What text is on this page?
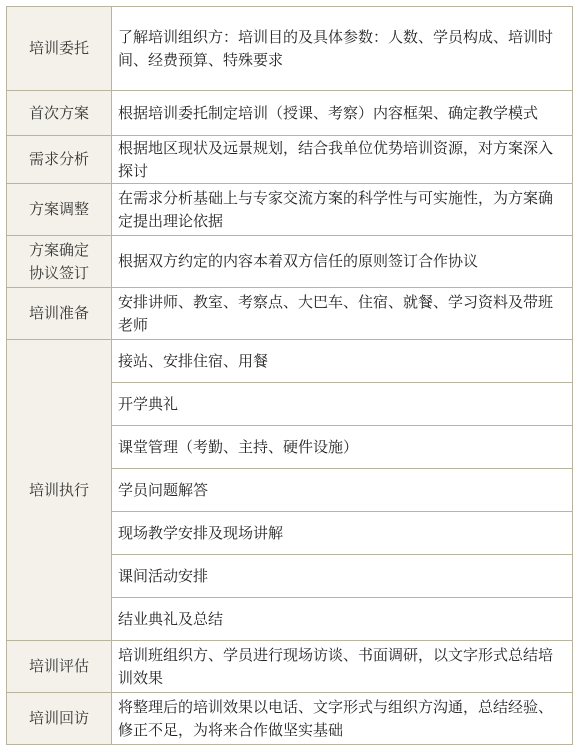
培训委托	了解培训组织方：培训目的及具体参数：人数、学员构成、培训时间、经费预算、特殊要求
首次方案	根据培训委托制定培训（授课、考察）内容框架、确定教学模式
需求分析	根据地区现状及远景规划，结合我单位优势培训资源，对方案深入探讨
方案调整	在需求分析基础上与专家交流方案的科学性与可实施性，为方案确定提出理论依据

方案确定
协议签订	根据双方约定的内容本着双方信任的原则签订合作协议
培训准备	安排讲师、教室、考察点、大巴车、住宿、就餐、学习资料及带班老师
培训执行	接站、安排住宿、用餐
	开学典礼
	课堂管理（考勤、主持、硬件设施）
	学员问题解答
	现场教学安排及现场讲解
	课间活动安排
	结业典礼及总结
培训评估	培训班组织方、学员进行现场访谈、书面调研，以文字形式总结培训效果
培训回访	将整理后的培训效果以电话、文字形式与组织方沟通，总结经验、修正不足，为将来合作做坚实基础
